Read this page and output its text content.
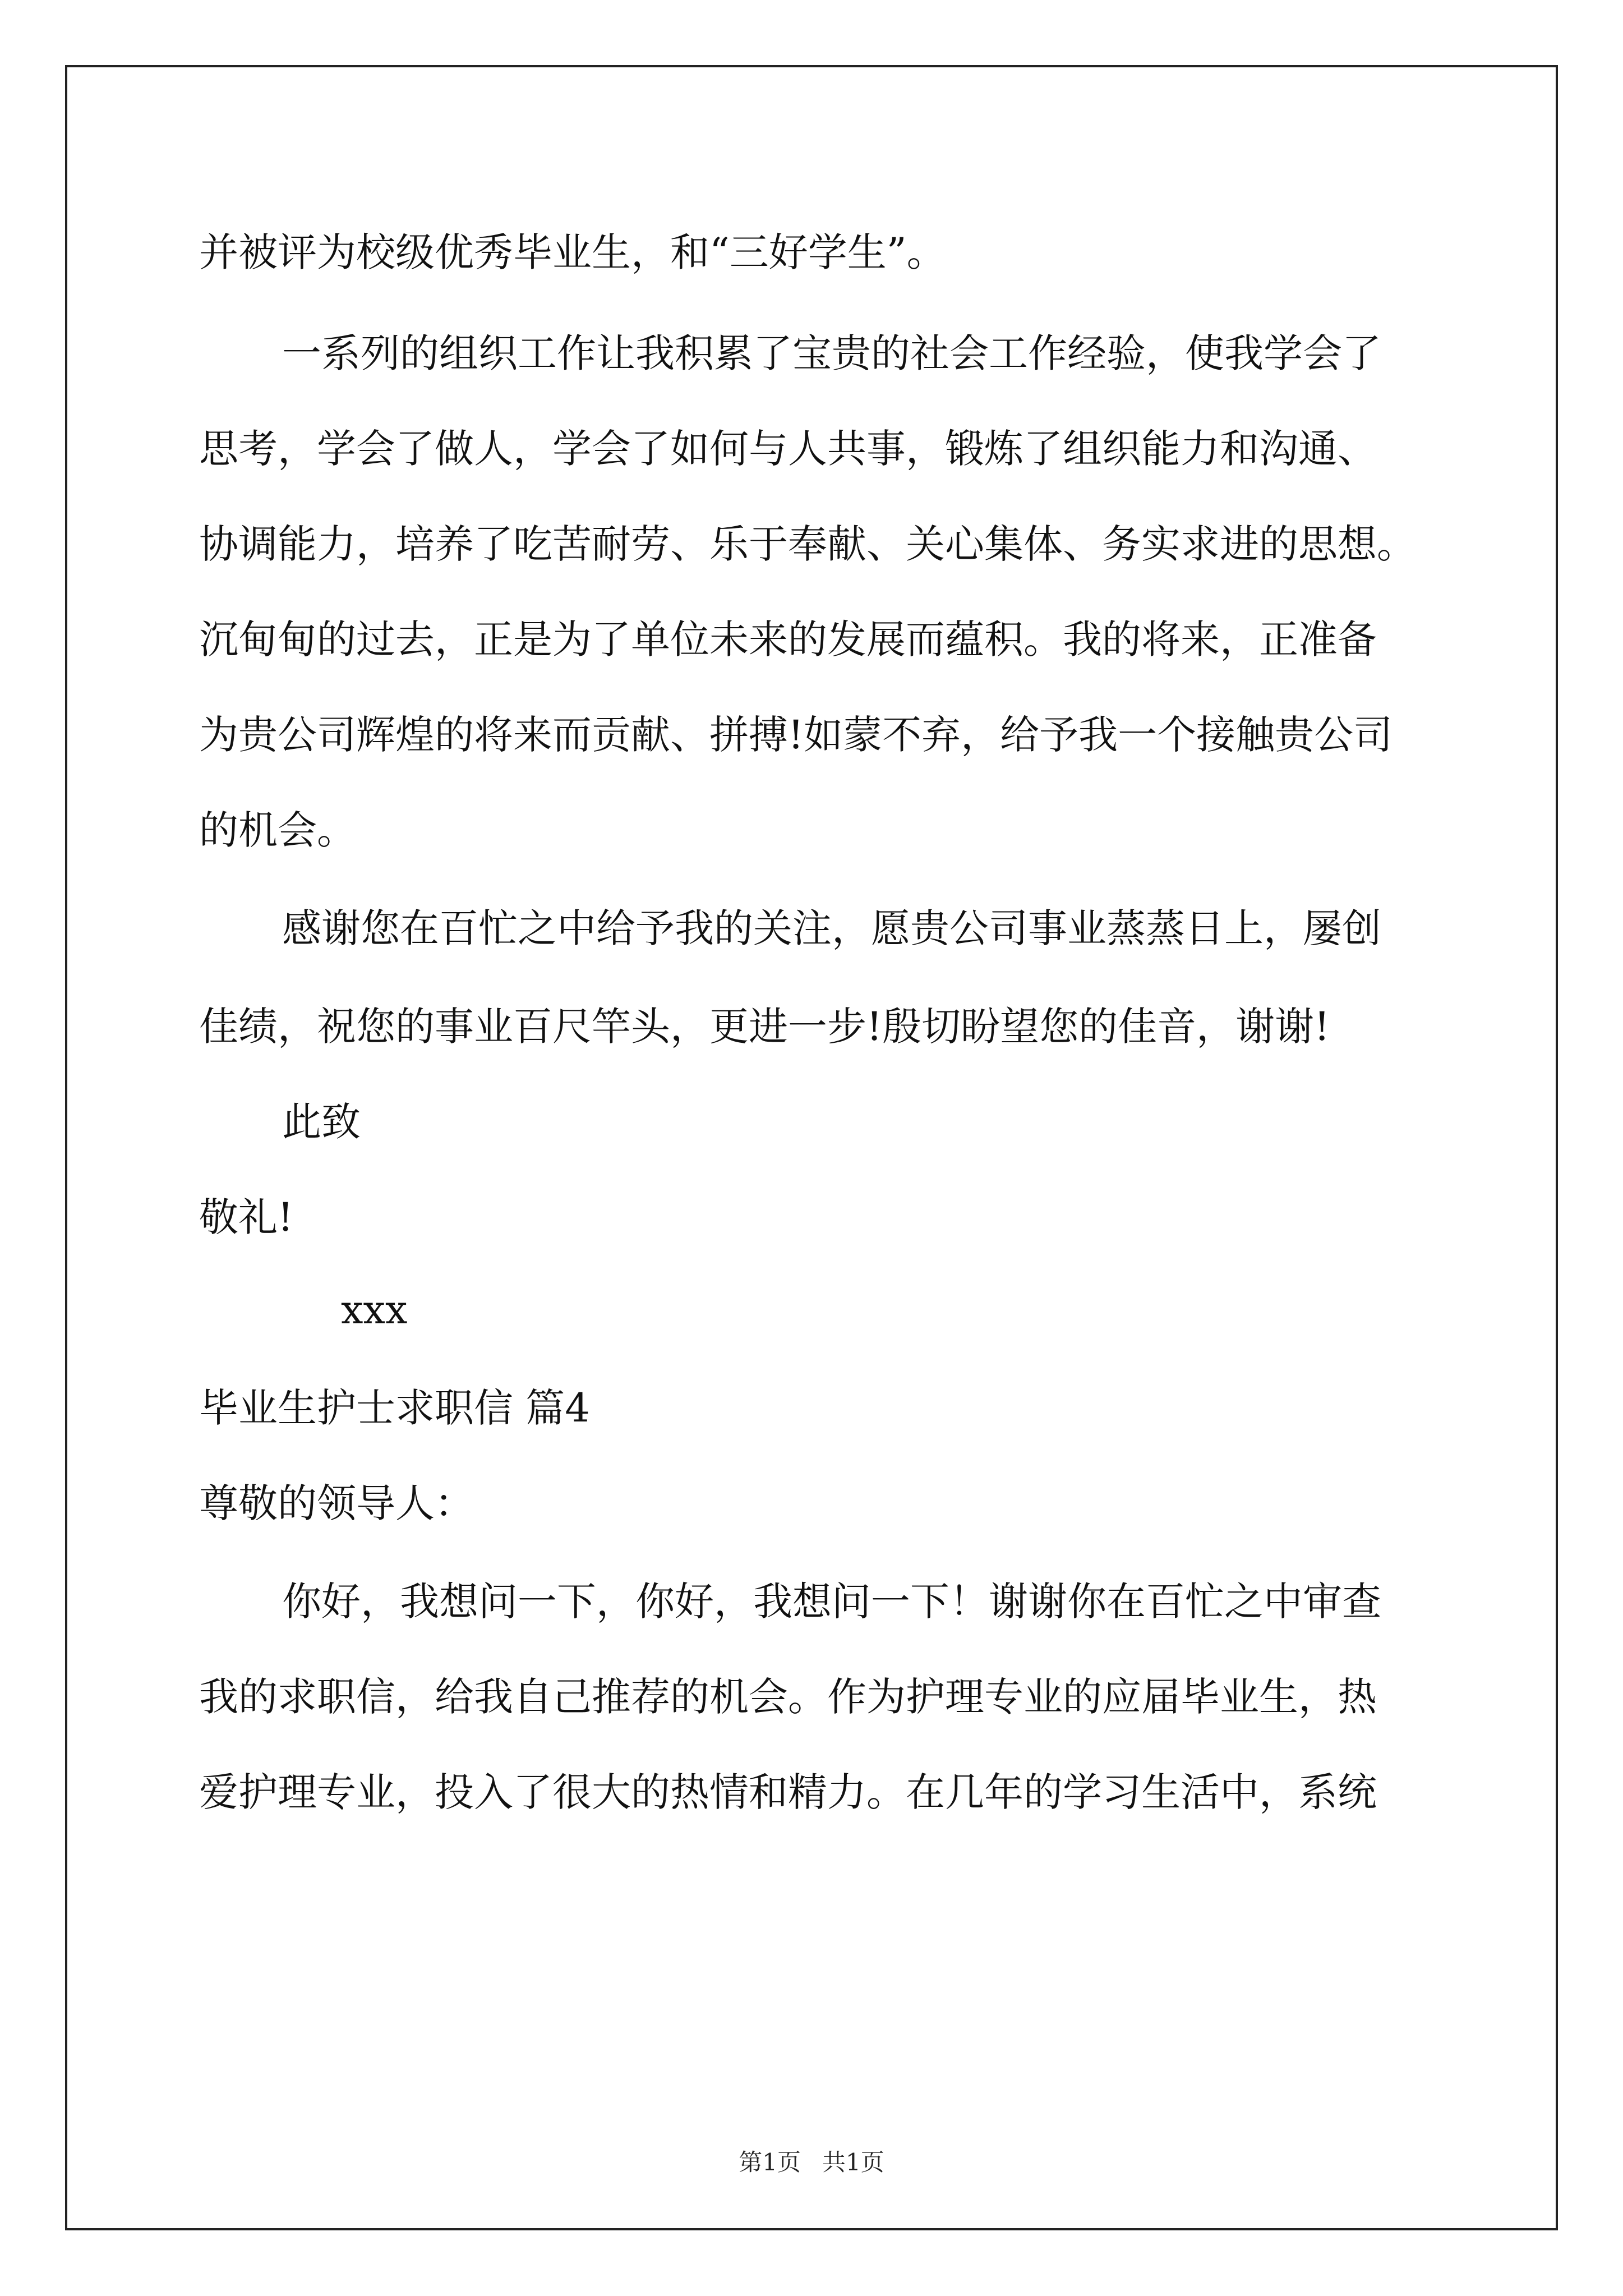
并被评为校级优秀毕业生，和“三好学生”。

一系列的组织工作让我积累了宝贵的社会工作经验，使我学会了

思考，学会了做人，学会了如何与人共事，锻炼了组织能力和沟通、

协调能力，培养了吃苦耐劳、乐于奉献、关心集体、务实求进的思想。

沉甸甸的过去，正是为了单位未来的发展而蕴积。我的将来，正准备

为贵公司辉煌的将来而贡献、拼搏!如蒙不弃，给予我一个接触贵公司

的机会。

感谢您在百忙之中给予我的关注，愿贵公司事业蒸蒸日上，屡创

佳绩，祝您的事业百尺竿头，更进一步!殷切盼望您的佳音，谢谢!

此致

敬礼!

xxx

毕业生护士求职信 篇4

尊敬的领导人：

你好，我想问一下，你好，我想问一下！谢谢你在百忙之中审查

我的求职信，给我自己推荐的机会。作为护理专业的应届毕业生，热

爱护理专业，投入了很大的热情和精力。在几年的学习生活中，系统

第1页 共1页
